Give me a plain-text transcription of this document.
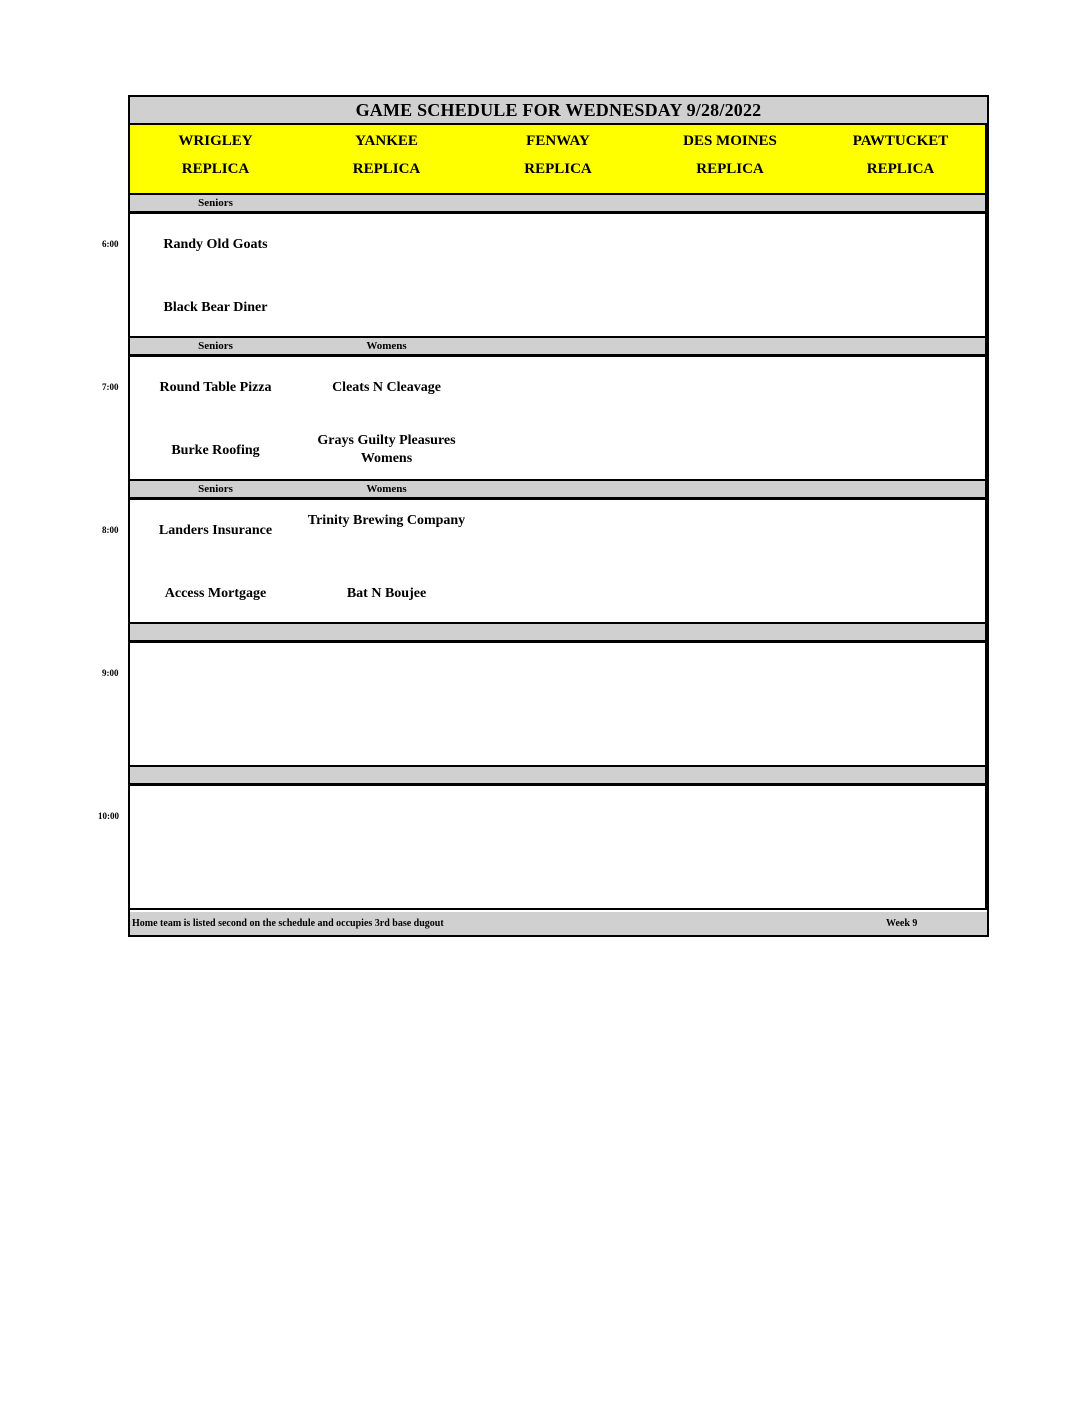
GAME SCHEDULE FOR WEDNESDAY 9/28/2022
Home team is listed second on the schedule and occupies 3rd base dugout	Week 9
WRIGLEY
REPLICA
YANKEE
REPLICA
FENWAY
REPLICA
DES MOINES
REPLICA
PAWTUCKET
REPLICA
Seniors
Randy Old Goats
Black Bear Diner
Seniors
Round Table Pizza
Burke Roofing
Womens
Cleats N Cleavage
Grays Guilty Pleasures Womens
Seniors
Landers Insurance
Access Mortgage
Womens
Trinity Brewing Company
Bat N Boujee
6:00
7:00
8:00
9:00
10:00
